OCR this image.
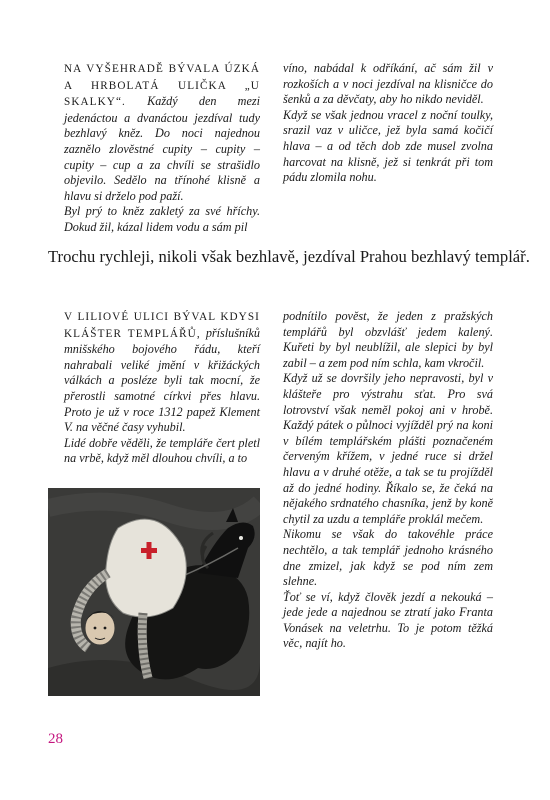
NA VYŠEHRADĚ BÝVALA ÚZKÁ A HRBOLATÁ ULIČKA „U SKALKY“. Každý den mezi jedenáctou a dvanáctou jezdíval tudy bezhlavý kněz. Do noci najednou zaznělo zlověstné cupity – cupity – cupity – cup a za chvíli se strašidlo objevilo. Sedělo na třínohé klisně a hlavu si drželo pod paží.

Byl prý to kněz zakletý za své hříchy. Dokud žil, kázal lidem vodu a sám pil

víno, nabádal k odříkání, ač sám žil v rozkoších a v noci jezdíval na klisničce do šenků a za děvčaty, aby ho nikdo neviděl.

Když se však jednou vracel z noční toulky, srazil vaz v uličce, jež byla samá kočičí hlava – a od těch dob zde musel zvolna harcovat na klisně, jež si tenkrát při tom pádu zlomila nohu.

Trochu rychleji, nikoli však bezhlavě, jezdíval Prahou bezhlavý templář.

V LILIOVÉ ULICI BÝVAL KDYSI KLÁŠTER TEMPLÁŘŮ, příslušníků mnišského bojového řádu, kteří nahrabali veliké jmění v křižáckých válkách a posléze byli tak mocní, že přerostli samotné církvi přes hlavu. Proto je už v roce 1312 papež Klement V. na věčné časy vyhubil.

Lidé dobře věděli, že templáře čert pletl na vrbě, když měl dlouhou chvíli, a to

podnítilo pověst, že jeden z pražských templářů byl obzvlášť jedem kalený. Kuřeti by byl neublížil, ale slepici by byl zabil – a zem pod ním schla, kam vkročil.

Když už se dovršily jeho nepravosti, byl v klášteře pro výstrahu sťat. Pro svá lotrovství však neměl pokoj ani v hrobě. Každý pátek o půlnoci vyjížděl prý na koni v bílém templářském plášti poznačeném červeným křížem, v jedné ruce si držel hlavu a v druhé otěže, a tak se tu projížděl až do jedné hodiny. Říkalo se, že čeká na nějakého srdnatého chasníka, jenž by koně chytil za uzdu a templáře proklál mečem.

Nikomu se však do takovéhle práce nechtělo, a tak templář jednoho krásného dne zmizel, jak když se pod ním zem slehne.

Ťoť se ví, když člověk jezdí a nekouká – jede jede a najednou se ztratí jako Franta Vonásek na veletrhu. To je potom těžká věc, najít ho.

28
